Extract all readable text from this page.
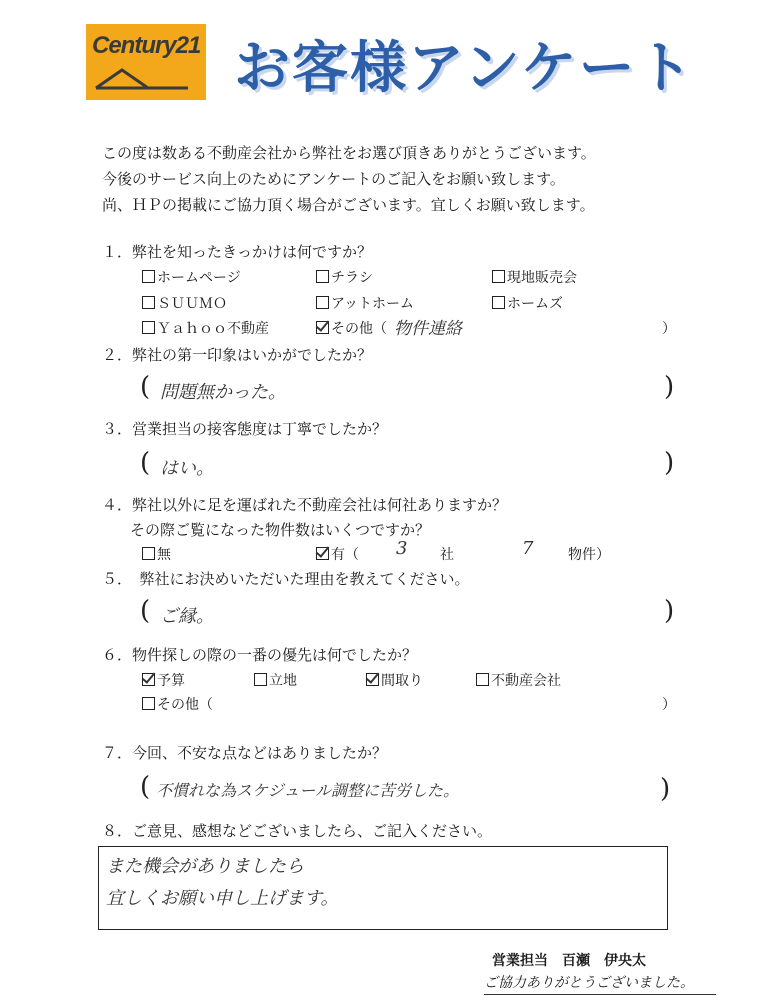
Century21 お客様アンケート
この度は数ある不動産会社から弊社をお選び頂きありがとうございます。
今後のサービス向上のためにアンケートのご記入をお願い致します。
尚、ＨＰの掲載にご協力頂く場合がございます。宜しくお願い致します。
１．弊社を知ったきっかけは何ですか？
ホームページ	チラシ	現地販売会
ＳＵＵＭＯ	アットホーム	ホームズ
Ｙａｈｏｏ不動産	その他（ 物件連絡	）
２．弊社の第一印象はいかがでしたか？
( 問題無かった。	)
３．営業担当の接客態度は丁寧でしたか？
( はい。	)
４．弊社以外に足を運ばれた不動産会社は何社ありますか？
その際ご覧になった物件数はいくつですか？
無	有（ 3 社	7 物件）
５．　弊社にお決めいただいた理由を教えてください。
( ご縁。	)
６．物件探しの際の一番の優先は何でしたか？
予算	立地	間取り	不動産会社
その他（	）
７．今回、不安な点などはありましたか？
( 不慣れな為スケジュール調整に苦労した。	)
８．ご意見、感想などございましたら、ご記入ください。
また機会がありましたら
宜しくお願い申し上げます。
営業担当　百瀬　伊央太
ご協力ありがとうございました。
